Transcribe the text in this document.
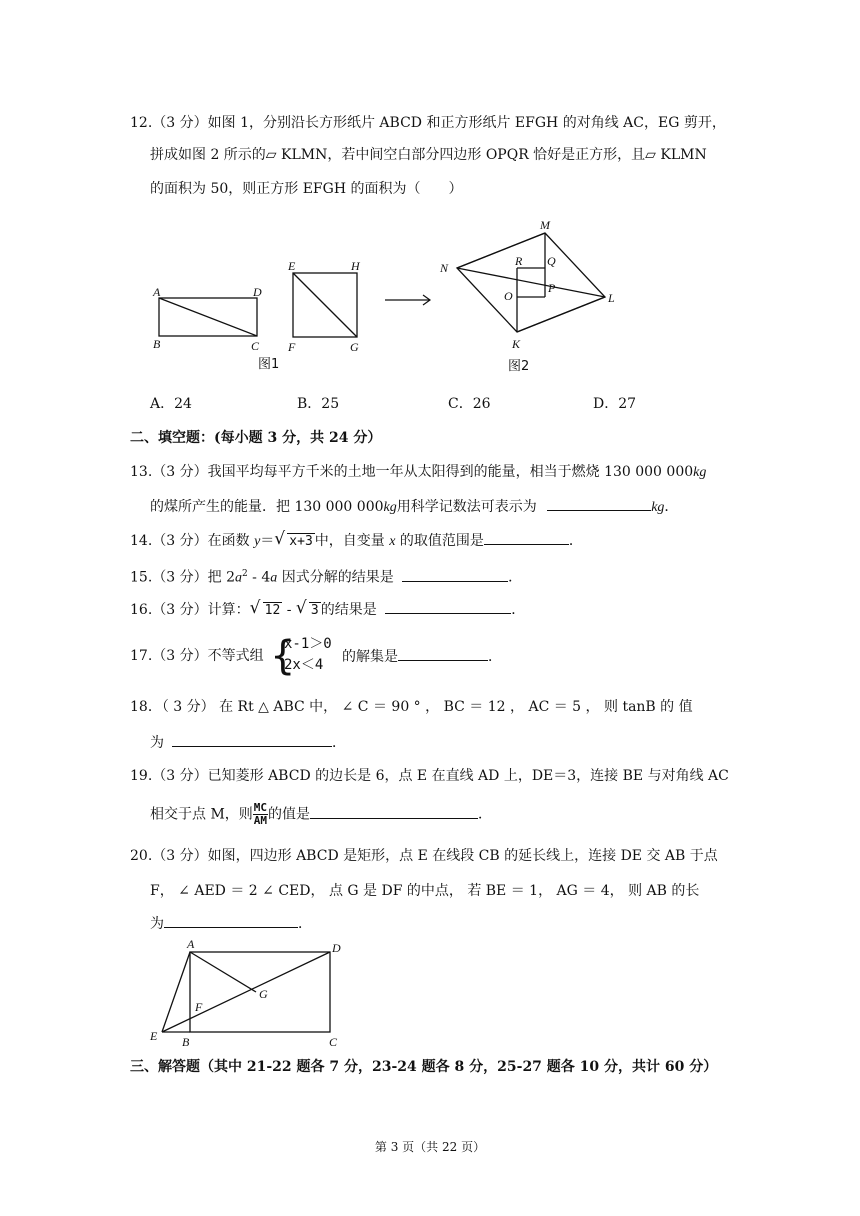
12.（3 分）如图 1，分别沿长方形纸片 ABCD 和正方形纸片 EFGH 的对角线 AC，EG 剪开，
拼成如图 2 所示的▱ KLMN，若中间空白部分四边形 OPQR 恰好是正方形，且▱ KLMN
的面积为 50，则正方形 EFGH 的面积为（　　）
A	D
B	C
E	H
F	G
图1
M
N	R Q
O
P
L
K
图2
A．24	B．25	C．26	D．27
二、填空题：(每小题 3 分，共 24 分）
13.（3 分）我国平均每平方千米的土地一年从太阳得到的能量，相当于燃烧 130 000 000kg
的煤所产生的能量．把 130 000 000kg用科学记数法可表示为	kg．
14.（3 分）在函数 y＝ √ x+3 中，自变量 x 的取值范围是	．
15.（3 分）把 $2a^2 - 4a$ 因式分解的结果是	．
16.（3 分）计算： √ 12 - √ 3 的结果是	．
17.（3 分）不等式组 {
x-1＞0
2x＜4	的解集是	．
18．（ 3 分） 在 Rt △ ABC 中， ∠ C ＝ 90 ° ， BC ＝ 12 ， AC ＝ 5 ， 则 tanB 的 值
为	．
19.（3 分）已知菱形 ABCD 的边长是 6，点 E 在直线 AD 上，DE＝3，连接 BE 与对角线 AC
相交于点 M，则 $\frac{MC}{AM}$ 的值是	．
20.（3 分）如图，四边形 ABCD 是矩形，点 E 在线段 CB 的延长线上，连接 DE 交 AB 于点
F， ∠ AED ＝ 2 ∠ CED， 点 G 是 DF 的中点， 若 BE ＝ 1， AG ＝ 4， 则 AB 的长
为	．
A	D
B	C
E
F
G
三、解答题（其中 21-22 题各 7 分，23-24 题各 8 分，25-27 题各 10 分，共计 60 分）
第 3 页（共 22 页）
